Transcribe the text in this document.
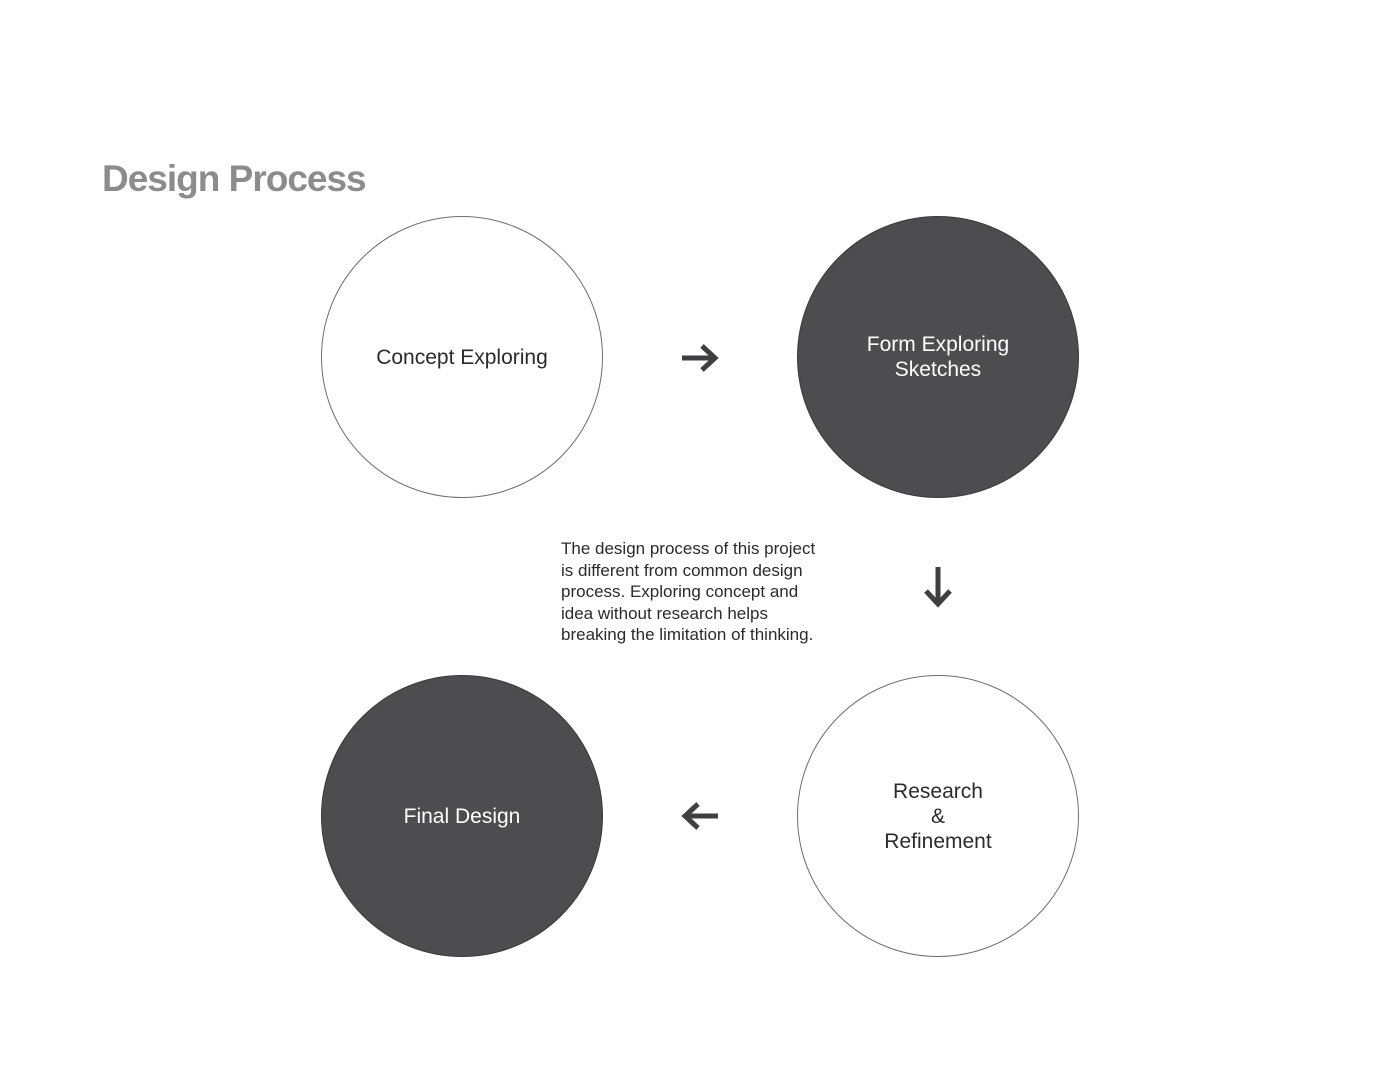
Design Process
Concept Exploring
Form Exploring
Sketches

The design process of this project
is different from common design
process. Exploring concept and
idea without research helps
breaking the limitation of thinking.

Final Design
Research
&
Refinement
